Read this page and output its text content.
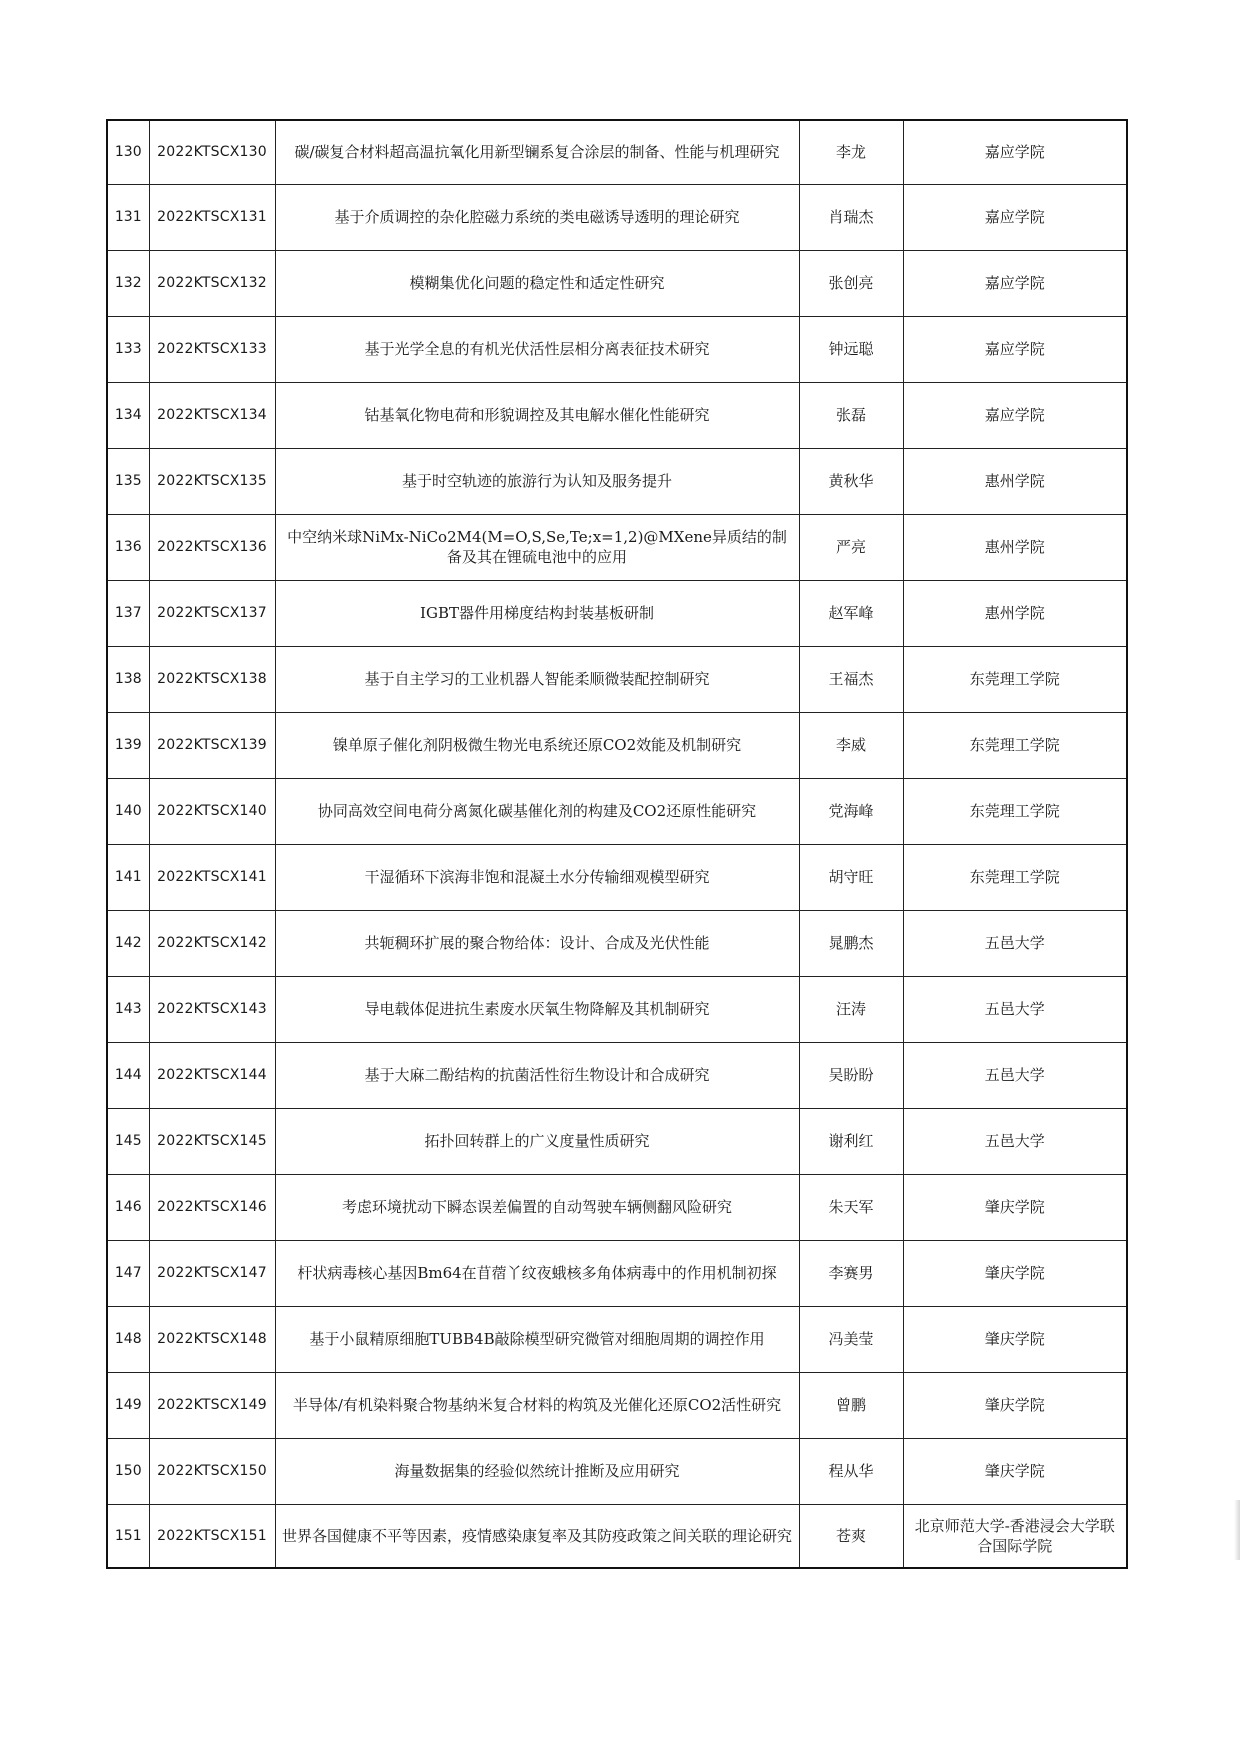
130	2022KTSCX130	碳/碳复合材料超高温抗氧化用新型镧系复合涂层的制备、性能与机理研究	李龙	嘉应学院
131	2022KTSCX131	基于介质调控的杂化腔磁力系统的类电磁诱导透明的理论研究	肖瑞杰	嘉应学院
132	2022KTSCX132	模糊集优化问题的稳定性和适定性研究	张创亮	嘉应学院
133	2022KTSCX133	基于光学全息的有机光伏活性层相分离表征技术研究	钟远聪	嘉应学院
134	2022KTSCX134	钴基氧化物电荷和形貌调控及其电解水催化性能研究	张磊	嘉应学院
135	2022KTSCX135	基于时空轨迹的旅游行为认知及服务提升	黄秋华	惠州学院
136	2022KTSCX136	中空纳米球NiMx-NiCo2M4(M=O,S,Se,Te;x=1,2)@MXene异质结的制备及其在锂硫电池中的应用	严亮	惠州学院
137	2022KTSCX137	IGBT器件用梯度结构封装基板研制	赵军峰	惠州学院
138	2022KTSCX138	基于自主学习的工业机器人智能柔顺微装配控制研究	王福杰	东莞理工学院
139	2022KTSCX139	镍单原子催化剂阴极微生物光电系统还原CO2效能及机制研究	李威	东莞理工学院
140	2022KTSCX140	协同高效空间电荷分离氮化碳基催化剂的构建及CO2还原性能研究	党海峰	东莞理工学院
141	2022KTSCX141	干湿循环下滨海非饱和混凝土水分传输细观模型研究	胡守旺	东莞理工学院
142	2022KTSCX142	共轭稠环扩展的聚合物给体：设计、合成及光伏性能	晁鹏杰	五邑大学
143	2022KTSCX143	导电载体促进抗生素废水厌氧生物降解及其机制研究	汪涛	五邑大学
144	2022KTSCX144	基于大麻二酚结构的抗菌活性衍生物设计和合成研究	吴盼盼	五邑大学
145	2022KTSCX145	拓扑回转群上的广义度量性质研究	谢利红	五邑大学
146	2022KTSCX146	考虑环境扰动下瞬态误差偏置的自动驾驶车辆侧翻风险研究	朱天军	肇庆学院
147	2022KTSCX147	杆状病毒核心基因Bm64在苜蓿丫纹夜蛾核多角体病毒中的作用机制初探	李赛男	肇庆学院
148	2022KTSCX148	基于小鼠精原细胞TUBB4B敲除模型研究微管对细胞周期的调控作用	冯美莹	肇庆学院
149	2022KTSCX149	半导体/有机染料聚合物基纳米复合材料的构筑及光催化还原CO2活性研究	曾鹏	肇庆学院
150	2022KTSCX150	海量数据集的经验似然统计推断及应用研究	程从华	肇庆学院
151	2022KTSCX151	世界各国健康不平等因素，疫情感染康复率及其防疫政策之间关联的理论研究	苍爽	北京师范大学-香港浸会大学联合国际学院
